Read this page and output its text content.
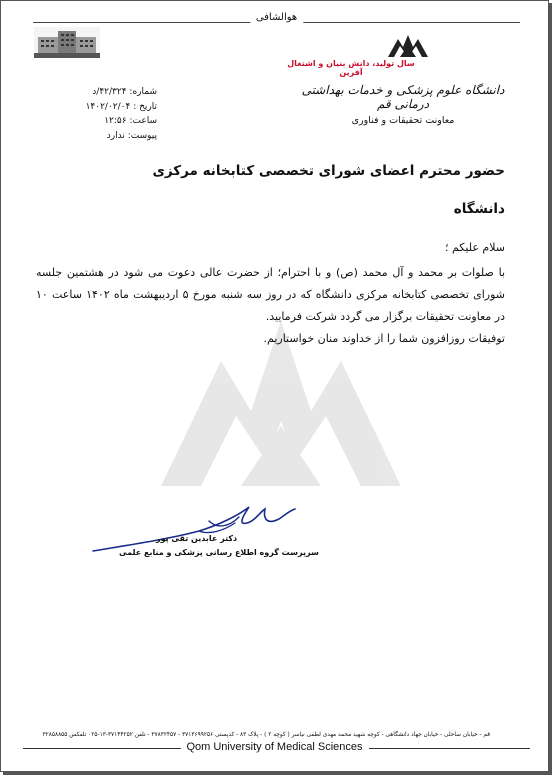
هوالشافی
سال تولید، دانش بنیان و اشتغال آفرین
دانشگاه علوم پزشکی و خدمات بهداشتی درمانی قم
معاونت تحقیقات و فناوری
شماره: ۴۲/۳۲۴/د
تاریخ : ۱۴۰۲/۰۲/۰۴
ساعت: ۱۲:۵۶
پیوست: ندارد

حضور محترم اعضای شورای تخصصی کتابخانه مرکزی

دانشگاه

سلام علیکم ؛
با صلوات بر محمد و آل محمد (ص) و با احترام؛ از حضرت عالی دعوت می شود در هشتمین جلسه شورای تخصصی کتابخانه مرکزی دانشگاه که در روز سه شنبه مورخ ۵ اردیبهشت ماه ۱۴۰۲ ساعت ۱۰ در معاونت تحقیقات برگزار می گردد شرکت فرمایید.
توفیقات روزافزون شما را از خداوند منان خواستاریم.
دکتر عابدین تقی پور
سرپرست گروه اطلاع رسانی پزشکی و منابع علمی
قم - خیابان ساحلی - خیابان جهاد دانشگاهی - کوچه شهید محمد مهدی لطفی نیاسر ( کوچه ۲ ) - پلاک ۸۳ - کدپستی ۳۷۱۳۶۹۹۲۵۶ - ۳۷۸۳۲۴۵۷ - تلفن ۳۷۱۴۴۲۵۲-۱۳-۰۲۵ تلفکس ۳۲۸۵۸۸۵۵
Qom University of Medical Sciences
